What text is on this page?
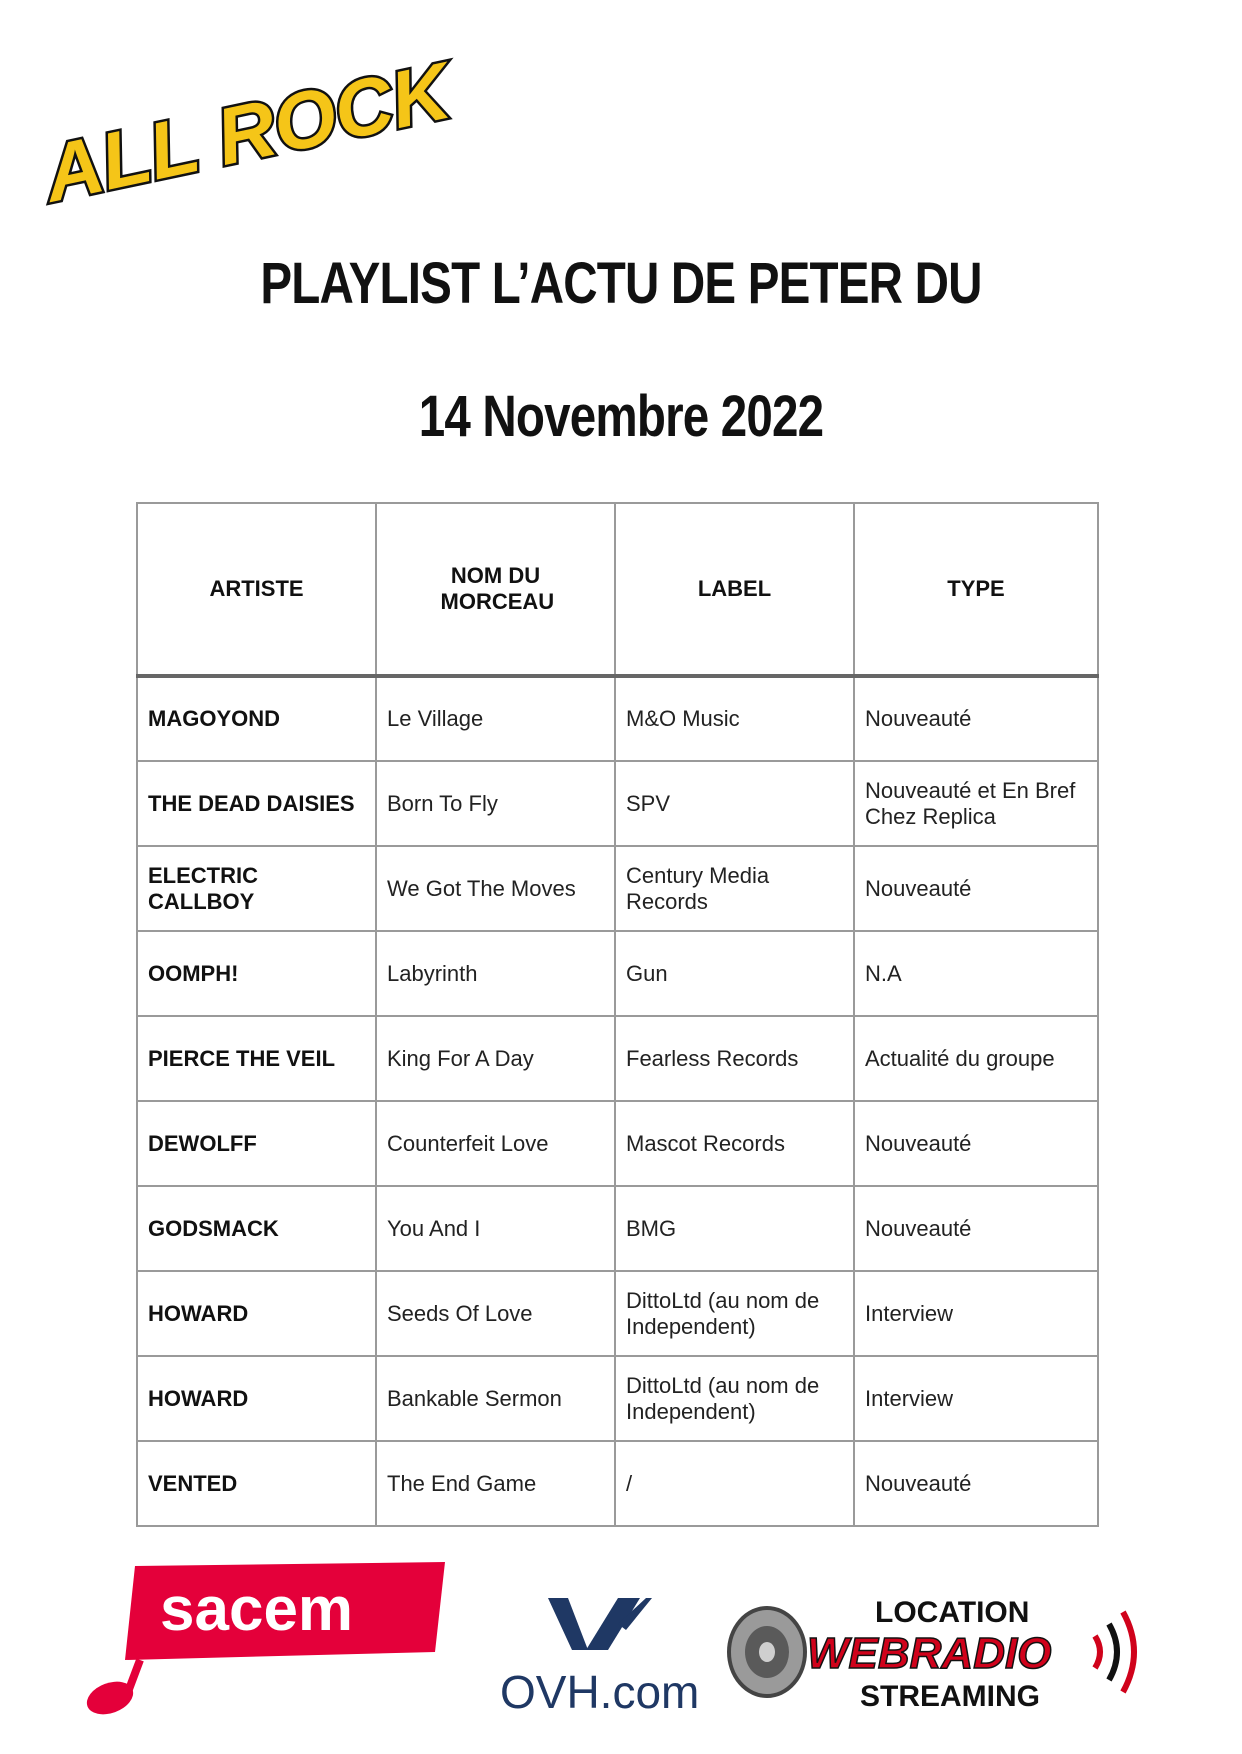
ALL ROCK
PLAYLIST L’ACTU DE PETER DU
14 Novembre 2022
ARTISTE	NOM DU MORCEAU	LABEL	TYPE
MAGOYOND	Le Village	M&O Music	Nouveauté
THE DEAD DAISIES	Born To Fly	SPV	Nouveauté et En Bref Chez Replica
ELECTRIC CALLBOY	We Got The Moves	Century Media Records	Nouveauté
OOMPH!	Labyrinth	Gun	N.A
PIERCE THE VEIL	King For A Day	Fearless Records	Actualité du groupe
DEWOLFF	Counterfeit Love	Mascot Records	Nouveauté
GODSMACK	You And I	BMG	Nouveauté
HOWARD	Seeds Of Love	DittoLtd (au nom de Independent)	Interview
HOWARD	Bankable Sermon	DittoLtd (au nom de Independent)	Interview
VENTED	The End Game	/	Nouveauté
sacem
OVH.com
LOCATION
WEBRADIO
STREAMING
